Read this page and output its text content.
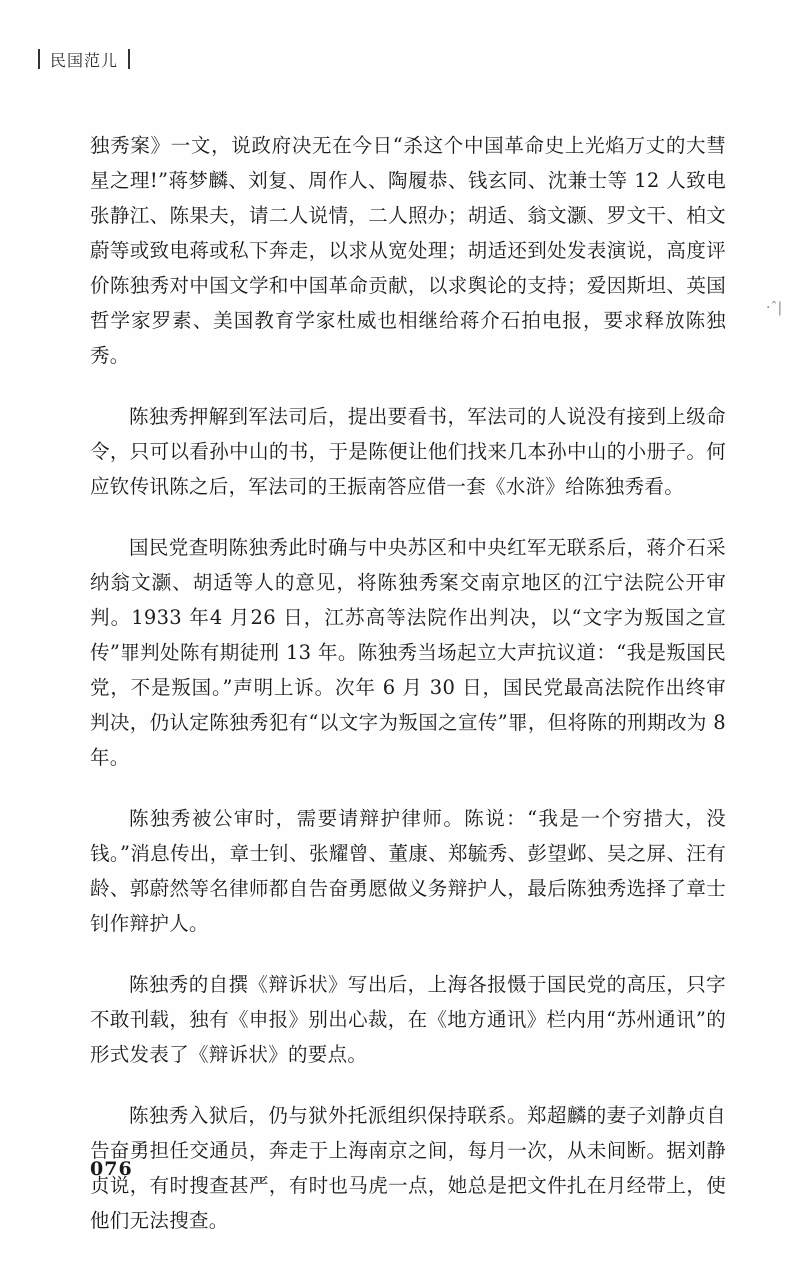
民国范儿

独秀案》一文，说政府决无在今日“杀这个中国革命史上光焰万丈的大彗星之理!”蒋梦麟、刘复、周作人、陶履恭、钱玄同、沈兼士等 12 人致电张静江、陈果夫，请二人说情，二人照办；胡适、翁文灏、罗文干、柏文蔚等或致电蒋或私下奔走，以求从宽处理；胡适还到处发表演说，高度评价陈独秀对中国文学和中国革命贡献，以求舆论的支持；爱因斯坦、英国哲学家罗素、美国教育学家杜威也相继给蒋介石拍电报，要求释放陈独秀。

陈独秀押解到军法司后，提出要看书，军法司的人说没有接到上级命令，只可以看孙中山的书，于是陈便让他们找来几本孙中山的小册子。何应钦传讯陈之后，军法司的王振南答应借一套《水浒》给陈独秀看。

国民党查明陈独秀此时确与中央苏区和中央红军无联系后，蒋介石采纳翁文灏、胡适等人的意见，将陈独秀案交南京地区的江宁法院公开审判。1933 年4 月26 日，江苏高等法院作出判决，以“文字为叛国之宣传”罪判处陈有期徒刑 13 年。陈独秀当场起立大声抗议道：“我是叛国民党，不是叛国。”声明上诉。次年 6 月 30 日，国民党最高法院作出终审判决，仍认定陈独秀犯有“以文字为叛国之宣传”罪，但将陈的刑期改为 8 年。

陈独秀被公审时，需要请辩护律师。陈说：“我是一个穷措大，没钱。”消息传出，章士钊、张耀曾、董康、郑毓秀、彭望邺、吴之屏、汪有龄、郭蔚然等名律师都自告奋勇愿做义务辩护人，最后陈独秀选择了章士钊作辩护人。

陈独秀的自撰《辩诉状》写出后，上海各报慑于国民党的高压，只字不敢刊载，独有《申报》别出心裁，在《地方通讯》栏内用“苏州通讯”的形式发表了《辩诉状》的要点。

陈独秀入狱后，仍与狱外托派组织保持联系。郑超麟的妻子刘静贞自告奋勇担任交通员，奔走于上海南京之间，每月一次，从未间断。据刘静贞说，有时搜查甚严，有时也马虎一点，她总是把文件扎在月经带上，使他们无法搜查。

·ˆ|
076
